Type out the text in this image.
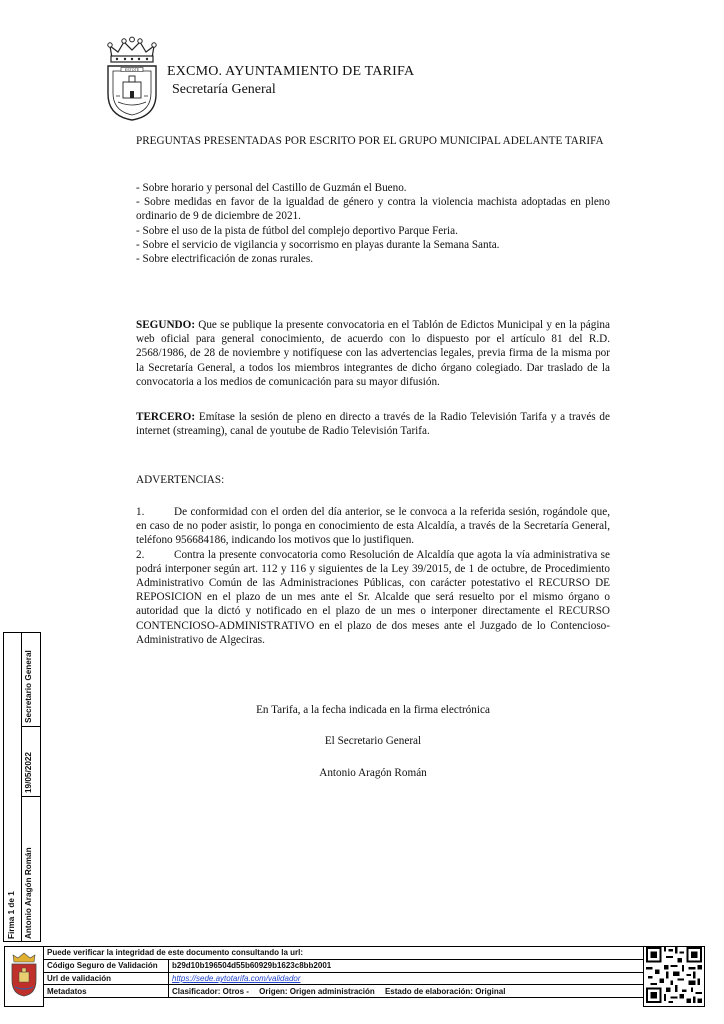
ESTOTE EXCMO. AYUNTAMIENTO DE TARIFA
Secretaría General
PREGUNTAS PRESENTADAS POR ESCRITO POR EL GRUPO MUNICIPAL ADELANTE TARIFA

- Sobre horario y personal del Castillo de Guzmán el Bueno.

- Sobre medidas en favor de la igualdad de género y contra la violencia machista adoptadas en pleno ordinario de 9 de diciembre de 2021.

- Sobre el uso de la pista de fútbol del complejo deportivo Parque Feria.

- Sobre el servicio de vigilancia y socorrismo en playas durante la Semana Santa.

- Sobre electrificación de zonas rurales.

SEGUNDO: Que se publique la presente convocatoria en el Tablón de Edictos Municipal y en la página web oficial para general conocimiento, de acuerdo con lo dispuesto por el artículo 81 del R.D. 2568/1986, de 28 de noviembre y notifíquese con las advertencias legales, previa firma de la misma por la Secretaría General, a todos los miembros integrantes de dicho órgano colegiado. Dar traslado de la convocatoria a los medios de comunicación para su mayor difusión.
TERCERO: Emítase la sesión de pleno en directo a través de la Radio Televisión Tarifa y a través de internet (streaming), canal de youtube de Radio Televisión Tarifa.
ADVERTENCIAS:

1.	De conformidad con el orden del día anterior, se le convoca a la referida sesión, rogándole que, en caso de no poder asistir, lo ponga en conocimiento de esta Alcaldía, a través de la Secretaría General, teléfono 956684186, indicando los motivos que lo justifiquen.

2.	Contra la presente convocatoria como Resolución de Alcaldía que agota la vía administrativa se podrá interponer según art. 112 y 116 y siguientes de la Ley 39/2015, de 1 de octubre, de Procedimiento Administrativo Común de las Administraciones Públicas, con carácter potestativo el RECURSO DE REPOSICION en el plazo de un mes ante el Sr. Alcalde que será resuelto por el mismo órgano o autoridad que la dictó y notificado en el plazo de un mes o interponer directamente el RECURSO CONTENCIOSO-ADMINISTRATIVO en el plazo de dos meses ante el Juzgado de lo Contencioso-Administrativo de Algeciras.

En Tarifa, a la fecha indicada en la firma electrónica
El Secretario General
Antonio Aragón Román
Firma 1 de 1 Antonio Aragón Román
19/05/2022
Secretario General
	Puede verificar la integridad de este documento consultando la url:	
	Código Seguro de Validación	b29d10b196504d55b60929b1623c8bb2001	
	Url de validación	https://sede.aytotarifa.com/validador	
	Metadatos	Clasificador: Otros - Origen: Origen administración Estado de elaboración: Original	
